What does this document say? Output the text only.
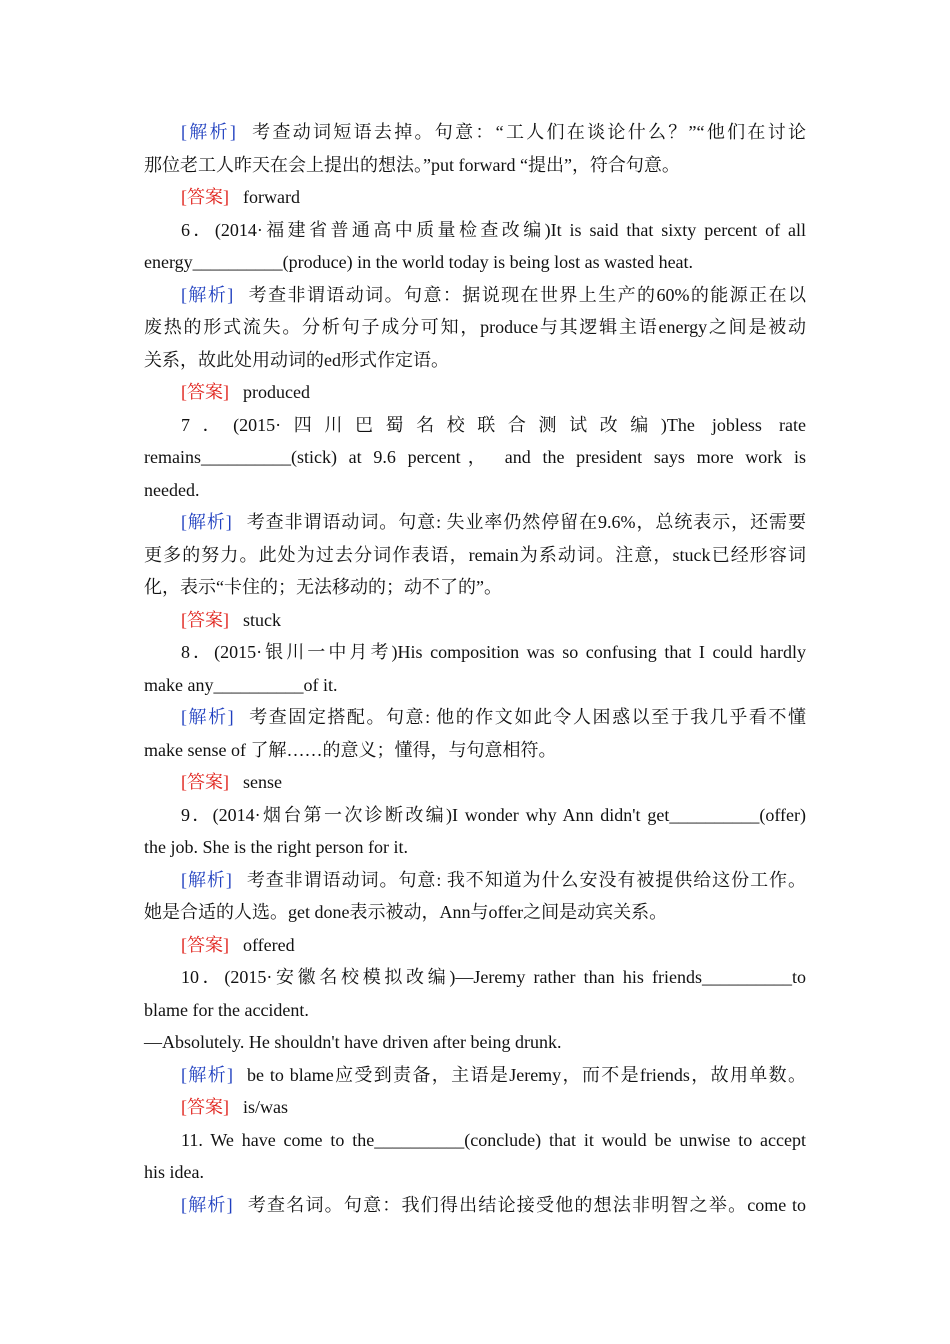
[解析] 考查动词短语去掉。句意：“工人们在谈论什么？”“他们在讨论
那位老工人昨天在会上提出的想法。”put forward “提出”，符合句意。
[答案] forward
6．(2014·福建省普通高中质量检查改编)It is said that sixty percent of all
energy__________(produce) in the world today is being lost as wasted heat.
[解析] 考查非谓语动词。句意：据说现在世界上生产的60%的能源正在以
废热的形式流失。分析句子成分可知，produce与其逻辑主语energy之间是被动
关系，故此处用动词的ed形式作定语。
[答案] produced
7．(2015·四川巴蜀名校联合测试改编)The jobless rate
remains__________(stick) at 9.6 percent， and the president says more work is
needed.
[解析] 考查非谓语动词。句意: 失业率仍然停留在9.6%，总统表示，还需要
更多的努力。此处为过去分词作表语，remain为系动词。注意，stuck已经形容词
化，表示“卡住的；无法移动的；动不了的”。
[答案] stuck
8．(2015·银川一中月考)His composition was so confusing that I could hardly
make any__________of it.
[解析] 考查固定搭配。句意: 他的作文如此令人困惑以至于我几乎看不懂
make sense of 了解……的意义；懂得，与句意相符。
[答案] sense
9．(2014·烟台第一次诊断改编)I wonder why Ann didn't get__________(offer)
the job. She is the right person for it.
[解析] 考查非谓语动词。句意: 我不知道为什么安没有被提供给这份工作。
她是合适的人选。get done表示被动，Ann与offer之间是动宾关系。
[答案] offered
10．(2015·安徽名校模拟改编)—Jeremy rather than his friends__________to
blame for the accident.
—Absolutely. He shouldn't have driven after being drunk.
[解析] be to blame应受到责备，主语是Jeremy，而不是friends，故用单数。
[答案] is/was
11. We have come to the__________(conclude) that it would be unwise to accept
his idea.
[解析] 考查名词。句意：我们得出结论接受他的想法非明智之举。come to
